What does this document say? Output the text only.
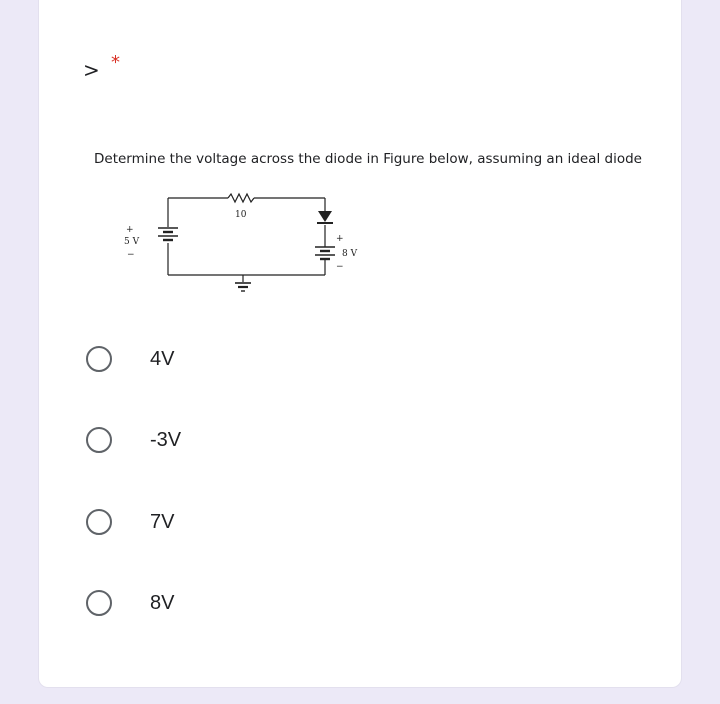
> *
Determine the voltage across the diode in Figure below, assuming an ideal diode
10
+
5 V
−
+
8 V
−
4V
-3V
7V
8V
